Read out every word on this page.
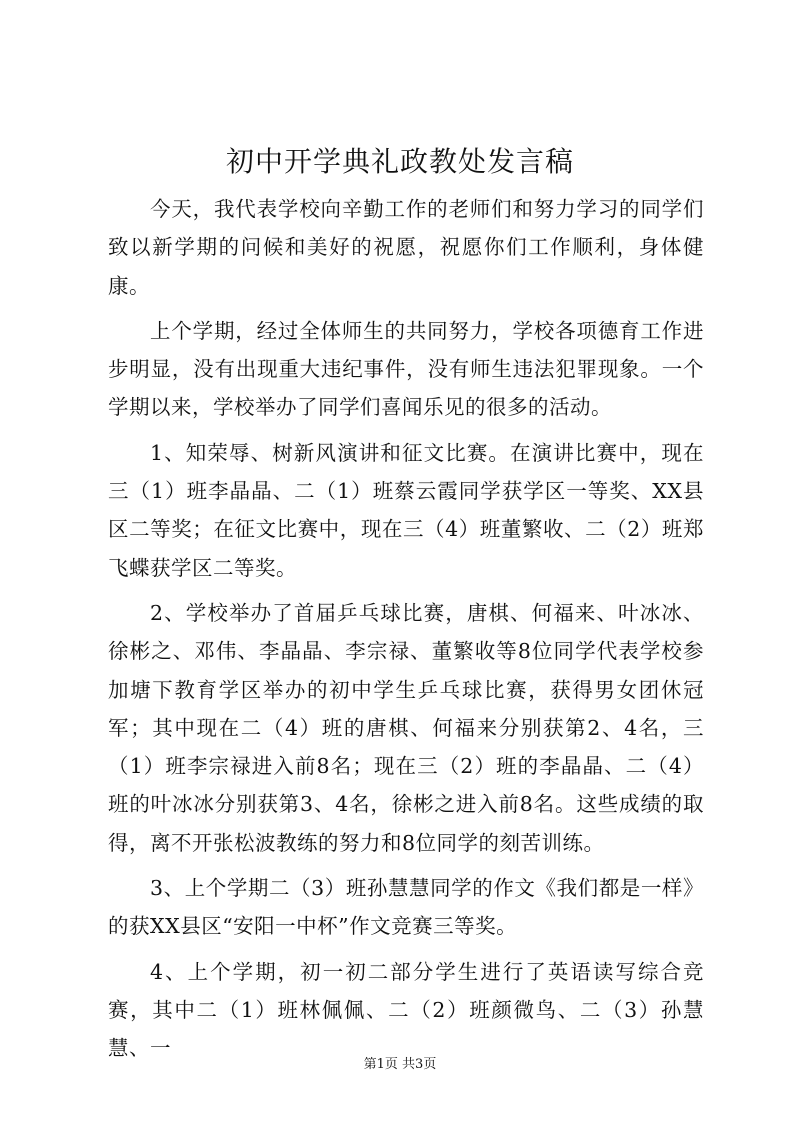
初中开学典礼政教处发言稿

今天，我代表学校向辛勤工作的老师们和努力学习的同学们致以新学期的问候和美好的祝愿，祝愿你们工作顺利，身体健康。

上个学期，经过全体师生的共同努力，学校各项德育工作进步明显，没有出现重大违纪事件，没有师生违法犯罪现象。一个学期以来，学校举办了同学们喜闻乐见的很多的活动。

1、知荣辱、树新风演讲和征文比赛。在演讲比赛中，现在三（1）班李晶晶、二（1）班蔡云霞同学获学区一等奖、XX县区二等奖；在征文比赛中，现在三（4）班董繁收、二（2）班郑飞蝶获学区二等奖。

2、学校举办了首届乒乓球比赛，唐棋、何福来、叶冰冰、徐彬之、邓伟、李晶晶、李宗禄、董繁收等8位同学代表学校参加塘下教育学区举办的初中学生乒乓球比赛，获得男女团休冠军；其中现在二（4）班的唐棋、何福来分别获第2、4名，三（1）班李宗禄进入前8名；现在三（2）班的李晶晶、二（4）班的叶冰冰分别获第3、4名，徐彬之进入前8名。这些成绩的取得，离不开张松波教练的努力和8位同学的刻苦训练。

3、上个学期二（3）班孙慧慧同学的作文《我们都是一样》的获XX县区“安阳一中杯”作文竞赛三等奖。

4、上个学期，初一初二部分学生进行了英语读写综合竞赛，其中二（1）班林佩佩、二（2）班颜微鸟、二（3）孙慧慧、一

第1页 共3页
